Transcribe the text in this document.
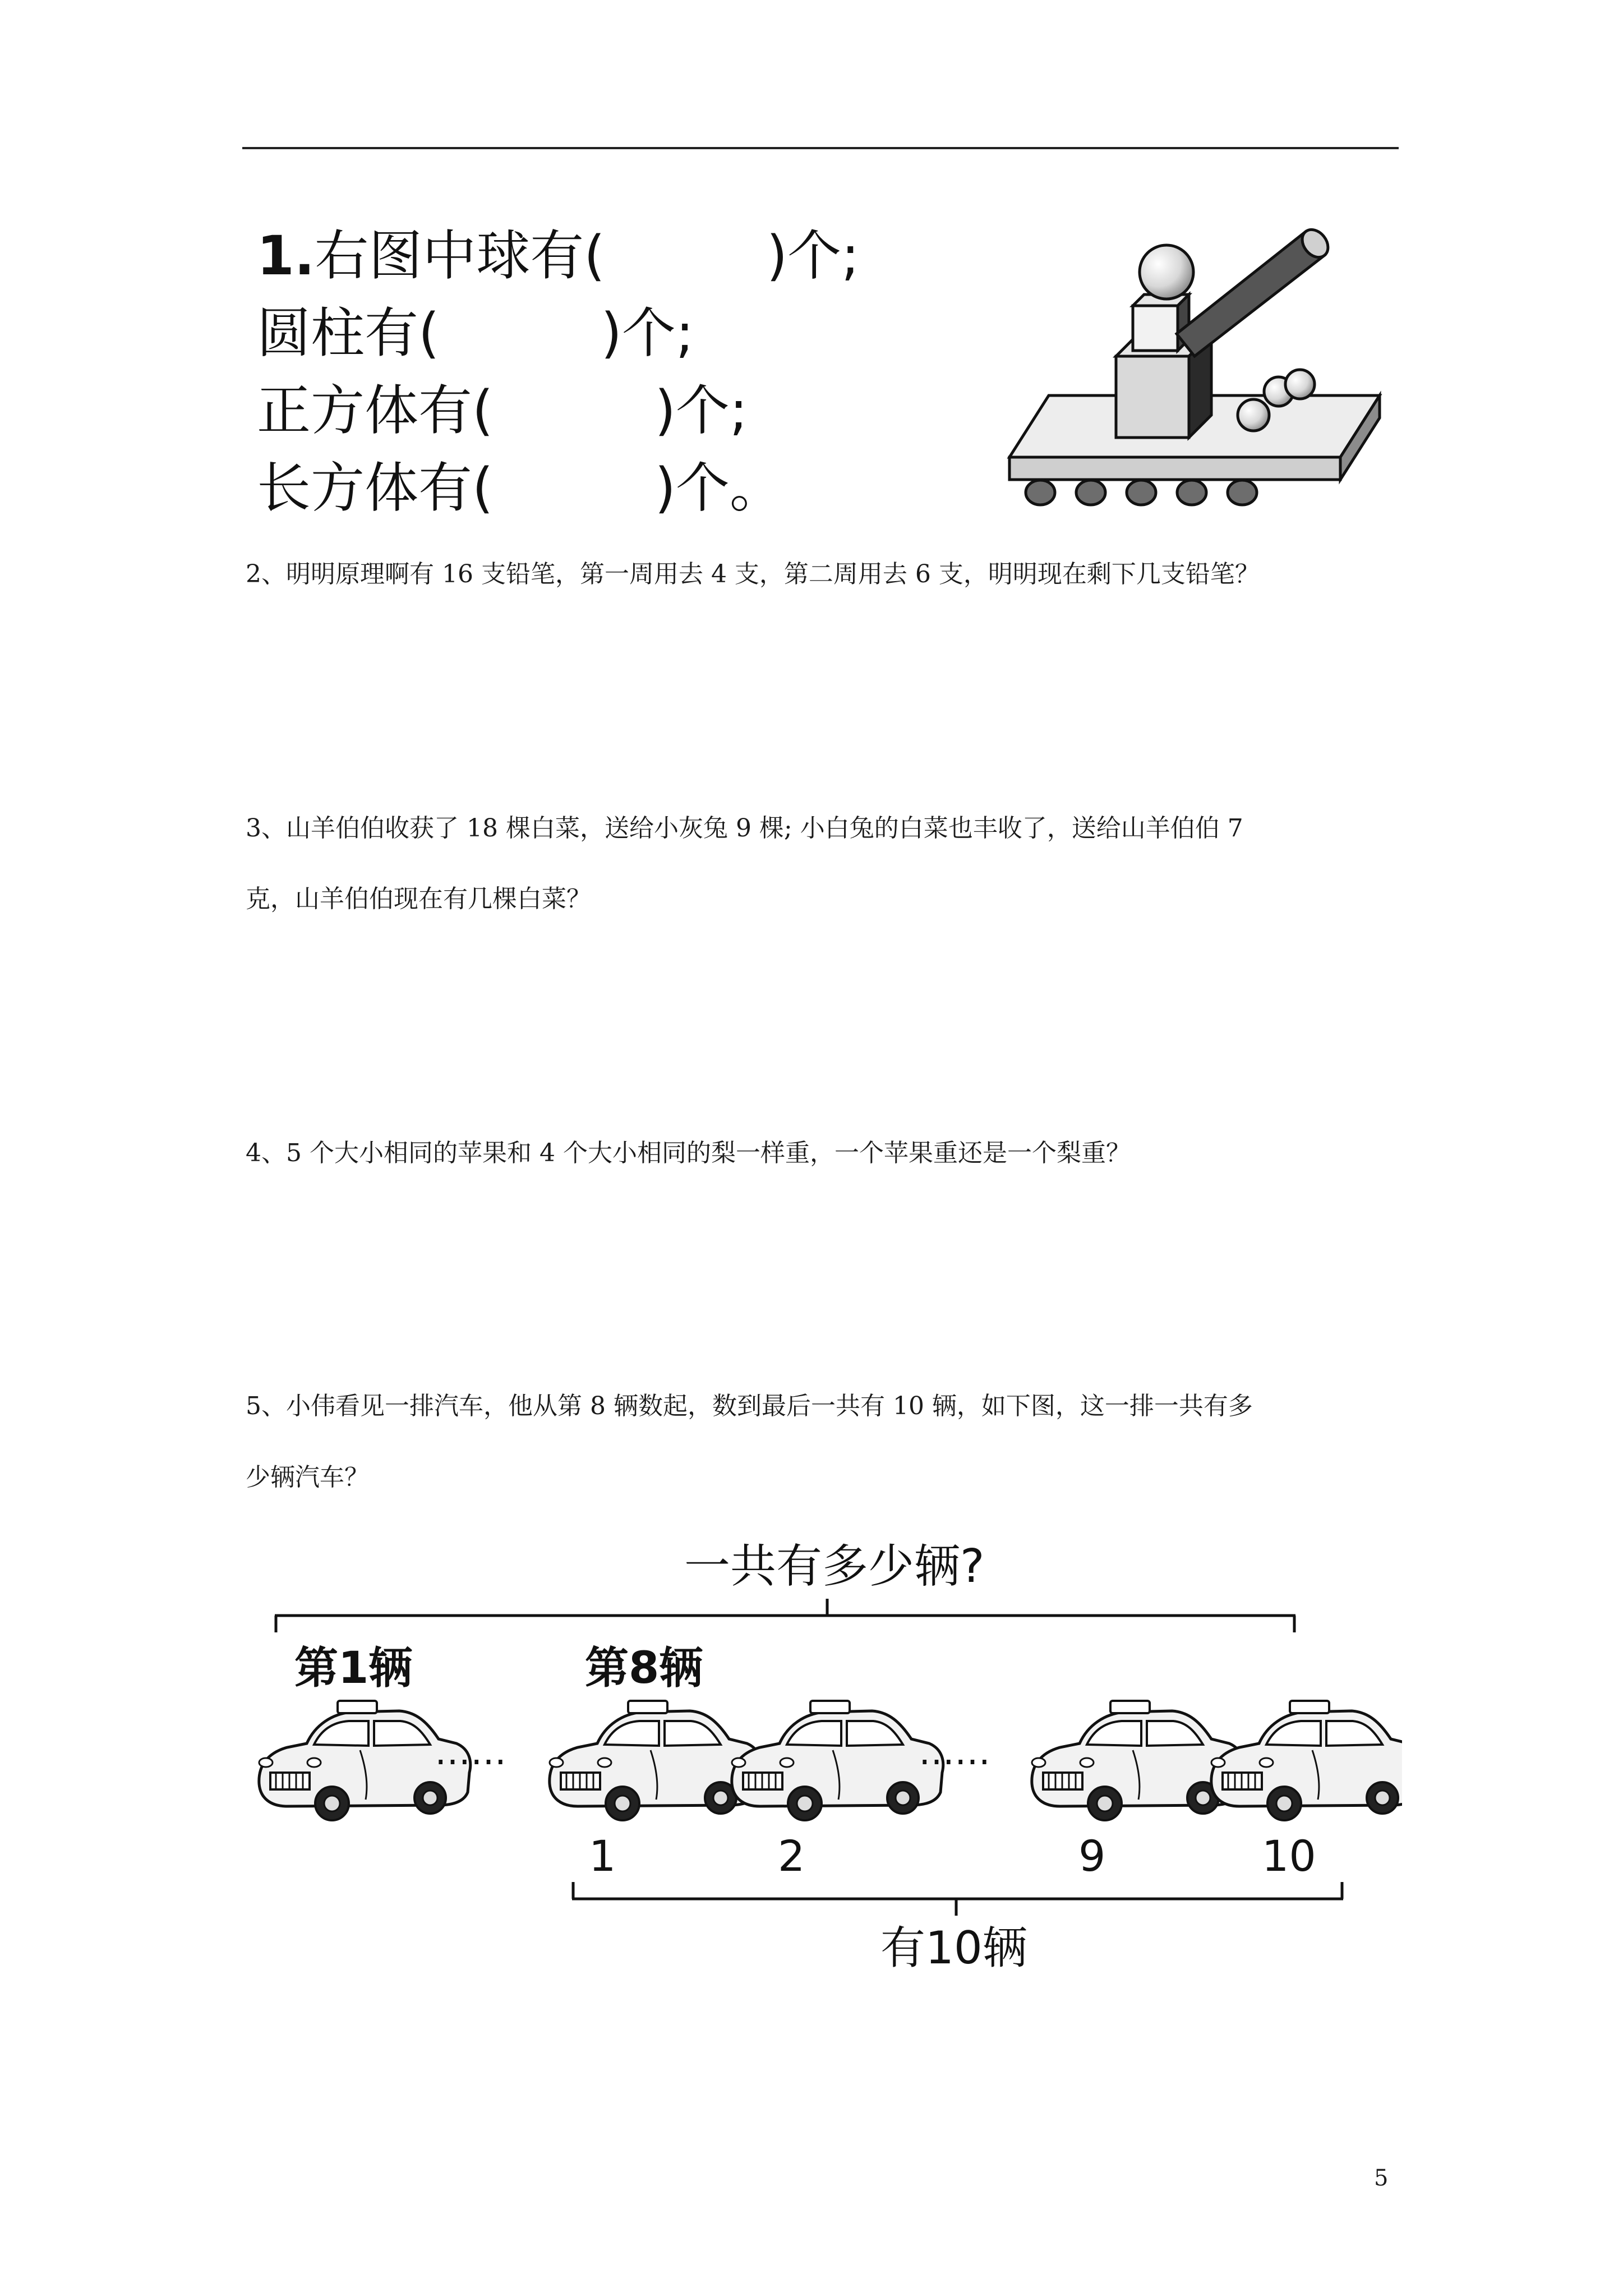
1.右图中球有(　　　)个;
圆柱有(　　　)个;
正方体有(　　　)个;
长方体有(　　　)个。
2、明明原理啊有 16 支铅笔，第一周用去 4 支，第二周用去 6 支，明明现在剩下几支铅笔？
3、山羊伯伯收获了 18 棵白菜，送给小灰兔 9 棵; 小白兔的白菜也丰收了，送给山羊伯伯 7
克，山羊伯伯现在有几棵白菜？
4、5 个大小相同的苹果和 4 个大小相同的梨一样重，一个苹果重还是一个梨重？
5、小伟看见一排汽车，他从第 8 辆数起，数到最后一共有 10 辆，如下图，这一排一共有多
少辆汽车？
一共有多少辆?
第1辆	第8辆
……	……
1	2	9	10
有10辆
5
